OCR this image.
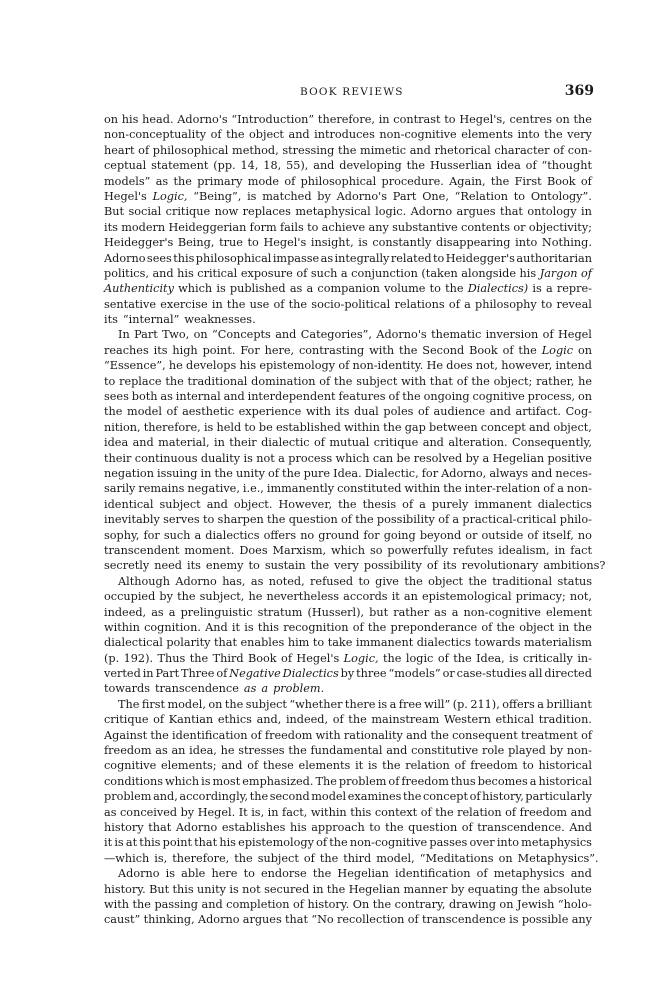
BOOK REVIEWS	369
on his head. Adorno's “Introduction” therefore, in contrast to Hegel's, centres on the
non-conceptuality of the object and introduces non-cognitive elements into the very
heart of philosophical method, stressing the mimetic and rhetorical character of con-
ceptual statement (pp. 14, 18, 55), and developing the Husserlian idea of “thought
models” as the primary mode of philosophical procedure. Again, the First Book of
Hegel's Logic, “Being”, is matched by Adorno's Part One, “Relation to Ontology”.
But social critique now replaces metaphysical logic. Adorno argues that ontology in
its modern Heideggerian form fails to achieve any substantive contents or objectivity;
Heidegger's Being, true to Hegel's insight, is constantly disappearing into Nothing.
Adorno sees this philosophical impasse as integrally related to Heidegger's authoritarian
politics, and his critical exposure of such a conjunction (taken alongside his Jargon of
Authenticity which is published as a companion volume to the Dialectics) is a repre-
sentative exercise in the use of the socio-political relations of a philosophy to reveal
its “internal” weaknesses.
In Part Two, on “Concepts and Categories”, Adorno's thematic inversion of Hegel
reaches its high point. For here, contrasting with the Second Book of the Logic on
“Essence”, he develops his epistemology of non-identity. He does not, however, intend
to replace the traditional domination of the subject with that of the object; rather, he
sees both as internal and interdependent features of the ongoing cognitive process, on
the model of aesthetic experience with its dual poles of audience and artifact. Cog-
nition, therefore, is held to be established within the gap between concept and object,
idea and material, in their dialectic of mutual critique and alteration. Consequently,
their continuous duality is not a process which can be resolved by a Hegelian positive
negation issuing in the unity of the pure Idea. Dialectic, for Adorno, always and neces-
sarily remains negative, i.e., immanently constituted within the inter-relation of a non-
identical subject and object. However, the thesis of a purely immanent dialectics
inevitably serves to sharpen the question of the possibility of a practical-critical philo-
sophy, for such a dialectics offers no ground for going beyond or outside of itself, no
transcendent moment. Does Marxism, which so powerfully refutes idealism, in fact
secretly need its enemy to sustain the very possibility of its revolutionary ambitions?
Although Adorno has, as noted, refused to give the object the traditional status
occupied by the subject, he nevertheless accords it an epistemological primacy; not,
indeed, as a prelinguistic stratum (Husserl), but rather as a non-cognitive element
within cognition. And it is this recognition of the preponderance of the object in the
dialectical polarity that enables him to take immanent dialectics towards materialism
(p. 192). Thus the Third Book of Hegel's Logic, the logic of the Idea, is critically in-
verted in Part Three of Negative Dialectics by three “models” or case-studies all directed
towards transcendence as a problem.
The first model, on the subject “whether there is a free will” (p. 211), offers a brilliant
critique of Kantian ethics and, indeed, of the mainstream Western ethical tradition.
Against the identification of freedom with rationality and the consequent treatment of
freedom as an idea, he stresses the fundamental and constitutive role played by non-
cognitive elements; and of these elements it is the relation of freedom to historical
conditions which is most emphasized. The problem of freedom thus becomes a historical
problem and, accordingly, the second model examines the concept of history, particularly
as conceived by Hegel. It is, in fact, within this context of the relation of freedom and
history that Adorno establishes his approach to the question of transcendence. And
it is at this point that his epistemology of the non-cognitive passes over into metaphysics
—which is, therefore, the subject of the third model, “Meditations on Metaphysics”.
Adorno is able here to endorse the Hegelian identification of metaphysics and
history. But this unity is not secured in the Hegelian manner by equating the absolute
with the passing and completion of history. On the contrary, drawing on Jewish “holo-
caust” thinking, Adorno argues that “No recollection of transcendence is possible any
